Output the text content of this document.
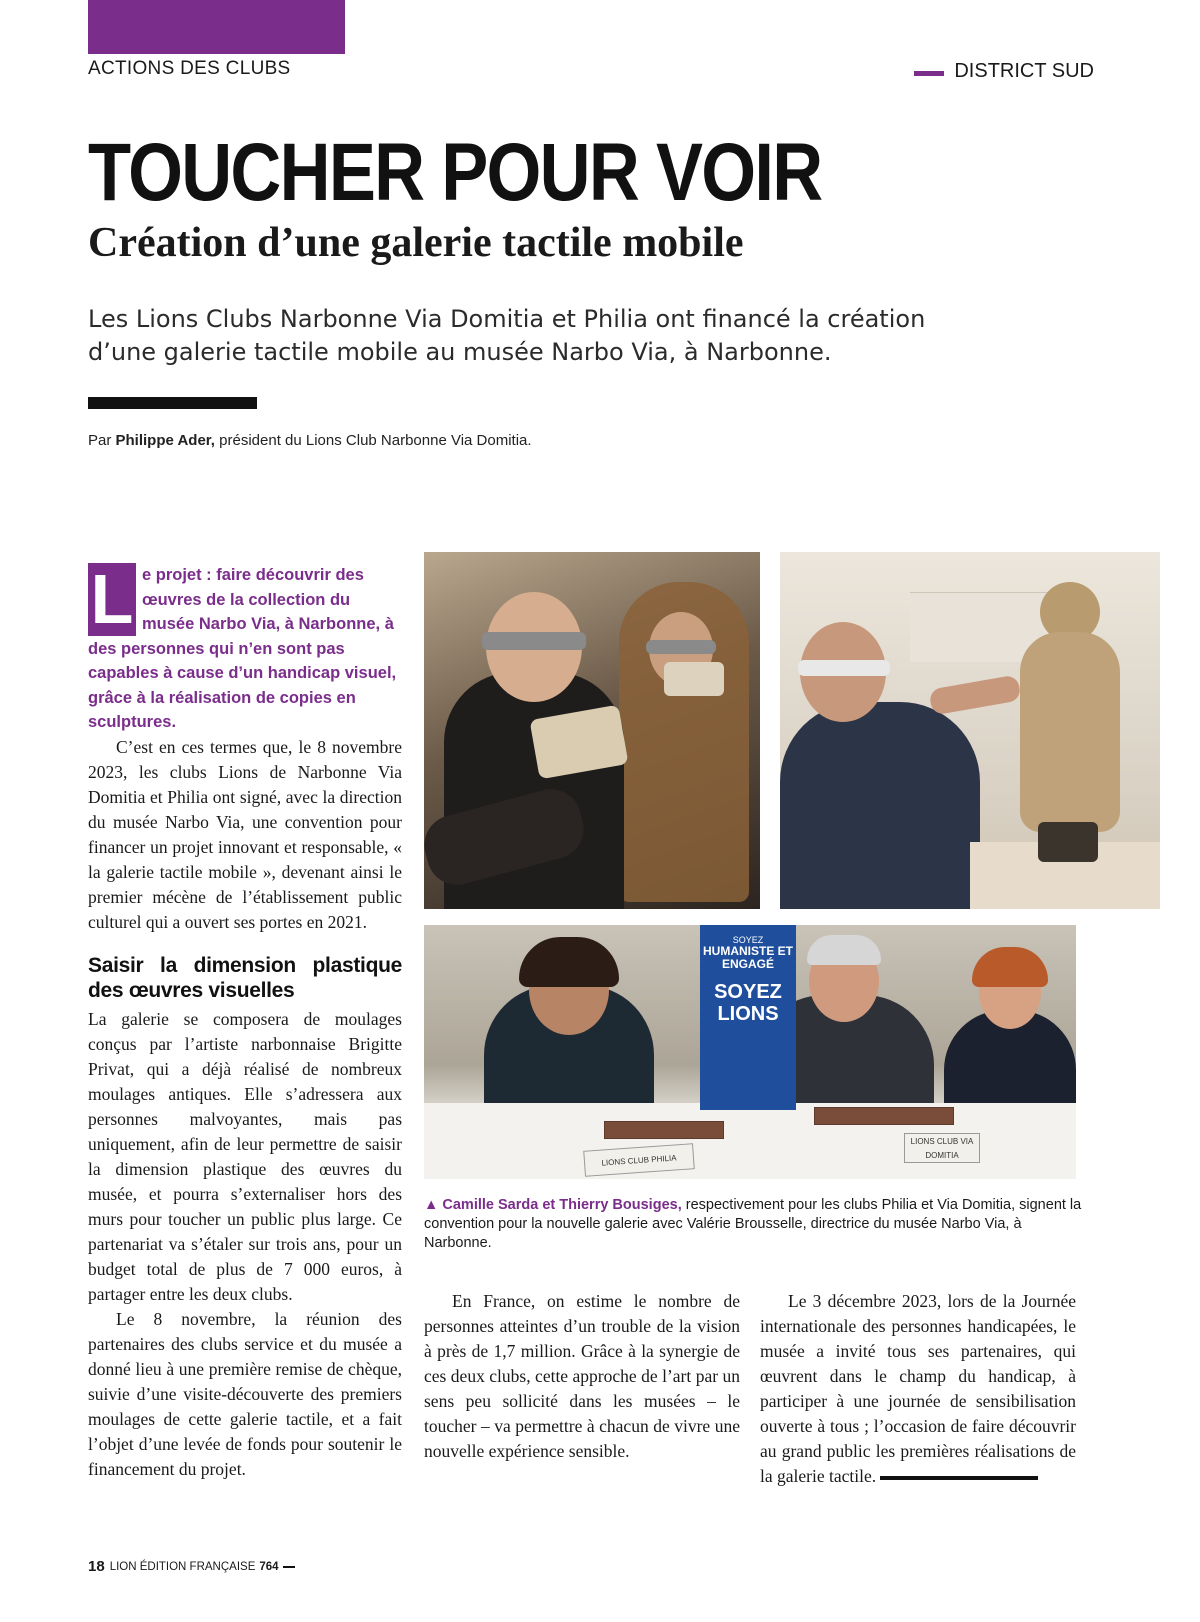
ACTIONS DES CLUBS	DISTRICT SUD
TOUCHER POUR VOIR
Création d’une galerie tactile mobile

Les Lions Clubs Narbonne Via Domitia et Philia ont financé la création d’une galerie tactile mobile au musée Narbo Via, à Narbonne.

Par Philippe Ader, président du Lions Club Narbonne Via Domitia.

L e projet : faire découvrir des œuvres de la collection du musée Narbo Via, à Narbonne, à des personnes qui n’en sont pas capables à cause d’un handicap visuel, grâce à la réalisation de copies en sculptures.

C’est en ces termes que, le 8 novembre 2023, les clubs Lions de Narbonne Via Domitia et Philia ont signé, avec la direction du musée Narbo Via, une convention pour financer un projet innovant et responsable, « la galerie tactile mobile », devenant ainsi le premier mécène de l’établissement public culturel qui a ouvert ses portes en 2021.

Saisir la dimension plastique des œuvres visuelles

La galerie se composera de moulages conçus par l’artiste narbonnaise Brigitte Privat, qui a déjà réalisé de nombreux moulages antiques. Elle s’adressera aux personnes malvoyantes, mais pas uniquement, afin de leur permettre de saisir la dimension plastique des œuvres du musée, et pourra s’externaliser hors des murs pour toucher un public plus large. Ce partenariat va s’étaler sur trois ans, pour un budget total de plus de 7 000 euros, à partager entre les deux clubs.

Le 8 novembre, la réunion des partenaires des clubs service et du musée a donné lieu à une première remise de chèque, suivie d’une visite-découverte des premiers moulages de cette galerie tactile, et a fait l’objet d’une levée de fonds pour soutenir le financement du projet.

LIONS CLUB PHILIA
LIONS CLUB VIA DOMITIA
SOYEZ
HUMANISTE ET ENGAGÉ
SOYEZ LIONS

▲ Camille Sarda et Thierry Bousiges, respectivement pour les clubs Philia et Via Domitia, signent la convention pour la nouvelle galerie avec Valérie Brousselle, directrice du musée Narbo Via, à Narbonne.

En France, on estime le nombre de personnes atteintes d’un trouble de la vision à près de 1,7 million. Grâce à la synergie de ces deux clubs, cette approche de l’art par un sens peu sollicité dans les musées – le toucher – va permettre à chacun de vivre une nouvelle expérience sensible.

Le 3 décembre 2023, lors de la Journée internationale des personnes handicapées, le musée a invité tous ses partenaires, qui œuvrent dans le champ du handicap, à participer à une journée de sensibilisation ouverte à tous ; l’occasion de faire découvrir au grand public les premières réalisations de la galerie tactile.

18 LION ÉDITION FRANÇAISE 764
